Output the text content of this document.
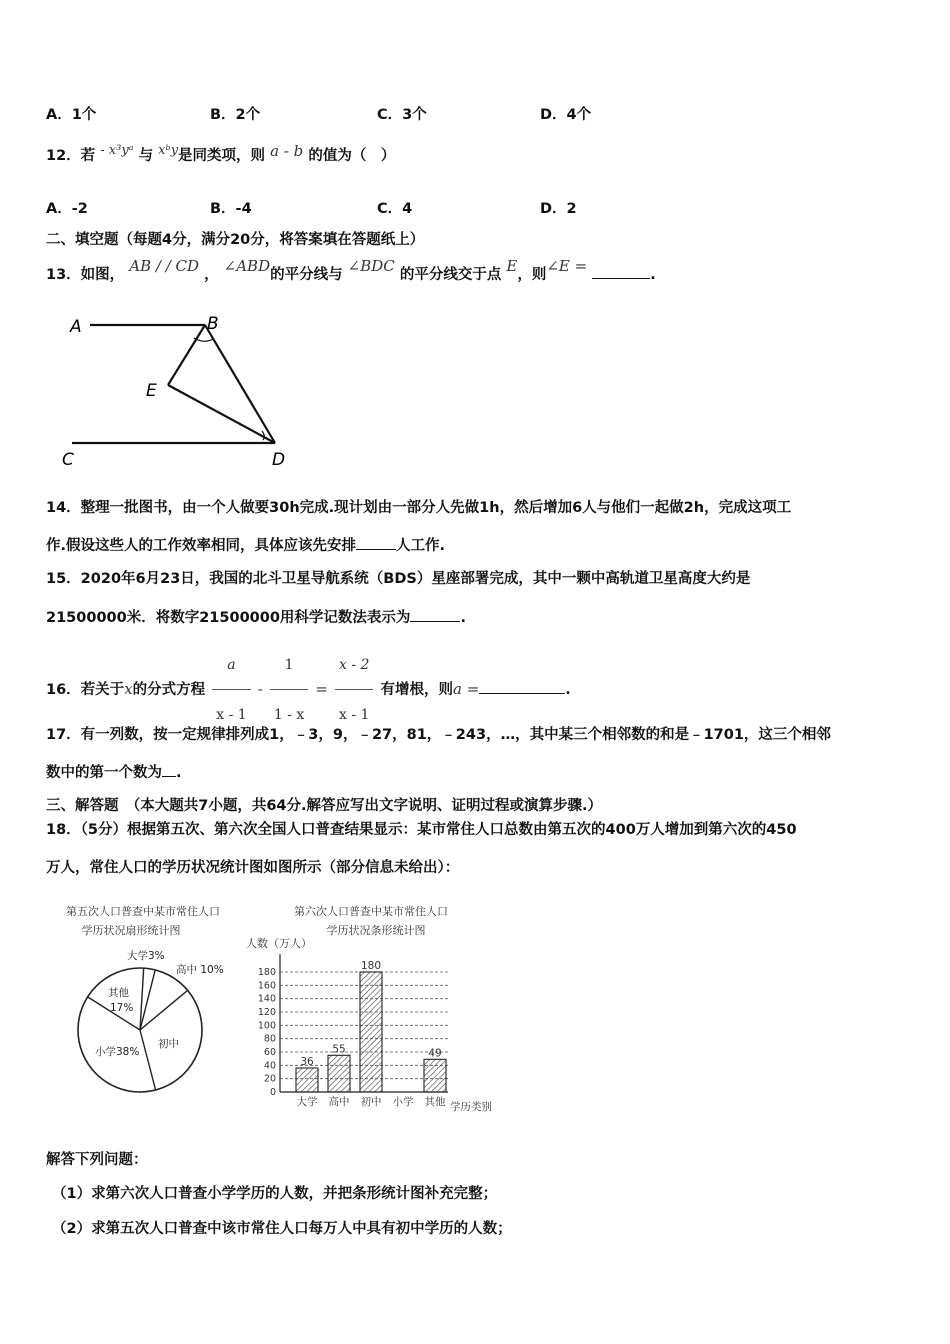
A．1个	B．2个	C．3个	D．4个
12．若 - x³yᵃ 与 xᵇy是同类项，则 a - b 的值为（　）
A．-2	B．-4	C．4	D．2
二、填空题（每题4分，满分20分，将答案填在答题纸上）
13．如图， AB / / CD ， ∠ABD的平分线与 ∠BDC 的平分线交于点 E，则∠E =	.
A	B
E
C	D
14．整理一批图书，由一个人做要30h完成.现计划由一部分人先做1h，然后增加6人与他们一起做2h，完成这项工
作.假设这些人的工作效率相同，具体应该先安排	人工作.
15．2020年6月23日，我国的北斗卫星导航系统（BDS）星座部署完成，其中一颗中高轨道卫星高度大约是
21500000米．将数字21500000用科学记数法表示为	.
16．若关于x的分式方程 $\frac{a}{x - 1} - \frac{1}{1 - x} = \frac{x - 2}{x - 1}$ 有增根，则a =	.
17．有一列数，按一定规律排列成1，﹣3，9，﹣27，81，﹣243，…，其中某三个相邻数的和是﹣1701，这三个相邻
数中的第一个数为 .
三、解答题　（本大题共7小题，共64分.解答应写出文字说明、证明过程或演算步骤.）
18．（5分）根据第五次、第六次全国人口普查结果显示：某市常住人口总数由第五次的400万人增加到第六次的450
万人，常住人口的学历状况统计图如图所示（部分信息未给出）：
第五次人口普查中某市常住人口
学历状况扇形统计图
大学3%
高中 10%
其他
17%
小学38%
初中
第六次人口普查中某市常住人口
学历状况条形统计图
人数（万人）
学历类别
0
20
40
60
80
100
120
140
160
180
大学
36
高中
55
初中
180
小学 其他
49
解答下列问题：
（1）求第六次人口普查小学学历的人数，并把条形统计图补充完整；
（2）求第五次人口普查中该市常住人口每万人中具有初中学历的人数；
